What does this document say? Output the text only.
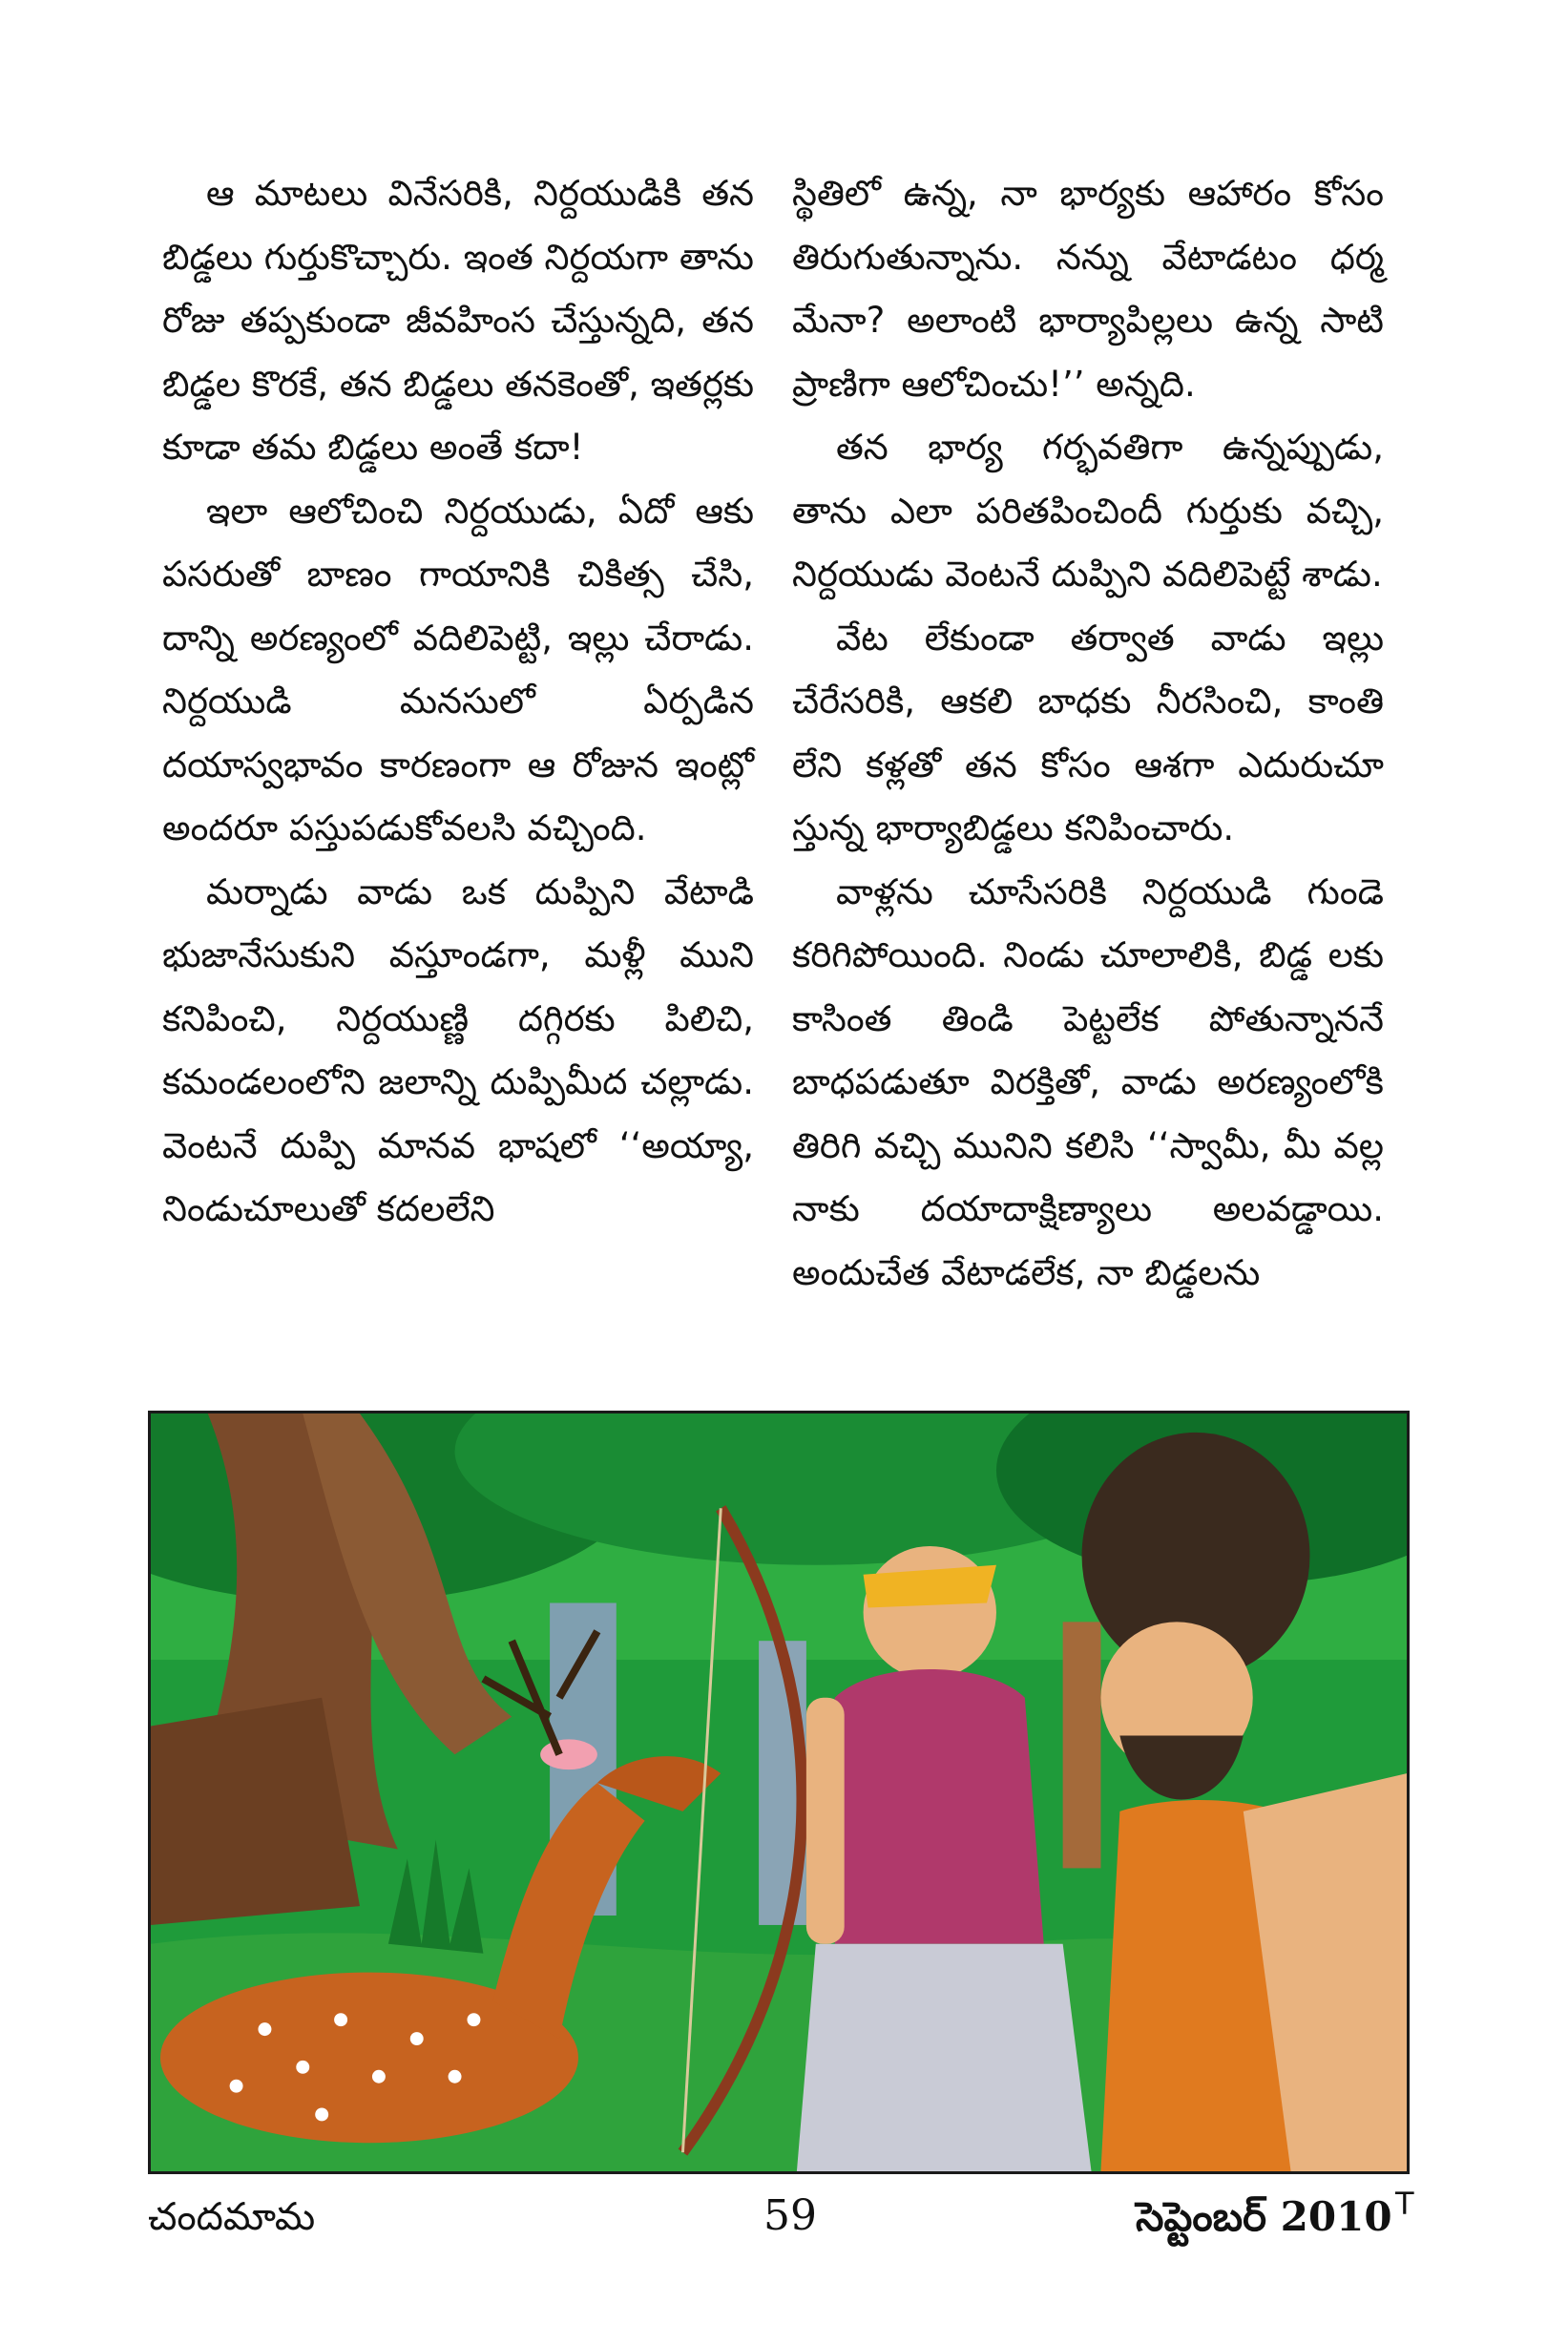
ఆ మాటలు వినేసరికి, నిర్దయుడికి తన బిడ్డలు గుర్తుకొచ్చారు. ఇంత నిర్దయగా తాను రోజు తప్పకుండా జీవహింస చేస్తున్నది, తన బిడ్డల కొరకే, తన బిడ్డలు తనకెంతో, ఇతర్లకు కూడా తమ బిడ్డలు అంతే కదా!

ఇలా ఆలోచించి నిర్దయుడు, ఏదో ఆకు పసరుతో బాణం గాయానికి చికిత్స చేసి, దాన్ని అరణ్యంలో వదిలిపెట్టి, ఇల్లు చేరాడు. నిర్దయుడి మనసులో ఏర్పడిన దయాస్వభావం కారణంగా ఆ రోజున ఇంట్లో అందరూ పస్తుపడుకోవలసి వచ్చింది.

మర్నాడు వాడు ఒక దుప్పిని వేటాడి భుజానేసుకుని వస్తూండగా, మళ్లీ ముని కనిపించి, నిర్దయుణ్ణి దగ్గిరకు పిలిచి, కమండలంలోని జలాన్ని దుప్పిమీద చల్లాడు. వెంటనే దుప్పి మానవ భాషలో ‘‘అయ్యా, నిండుచూలుతో కదలలేని

స్థితిలో ఉన్న, నా భార్యకు ఆహారం కోసం తిరుగుతున్నాను. నన్ను వేటాడటం ధర్మ మేనా? అలాంటి భార్యాపిల్లలు ఉన్న సాటి ప్రాణిగా ఆలోచించు!’’ అన్నది.

తన భార్య గర్భవతిగా ఉన్నప్పుడు, తాను ఎలా పరితపించిందీ గుర్తుకు వచ్చి, నిర్దయుడు వెంటనే దుప్పిని వదిలిపెట్టే శాడు.

వేట లేకుండా తర్వాత వాడు ఇల్లు చేరేసరికి, ఆకలి బాధకు నీరసించి, కాంతి లేని కళ్లతో తన కోసం ఆశగా ఎదురుచూ స్తున్న భార్యాబిడ్డలు కనిపించారు.

వాళ్లను చూసేసరికి నిర్దయుడి గుండె కరిగిపోయింది. నిండు చూలాలికి, బిడ్డ లకు కాసింత తిండి పెట్టలేక పోతున్నాననే బాధపడుతూ విరక్తితో, వాడు అరణ్యంలోకి తిరిగి వచ్చి మునిని కలిసి ‘‘స్వామీ, మీ వల్ల నాకు దయాదాక్షిణ్యాలు అలవడ్డాయి. అందుచేత వేటాడలేక, నా బిడ్డలను

చందమామ	59	సెప్టెంబర్ 2010 T
